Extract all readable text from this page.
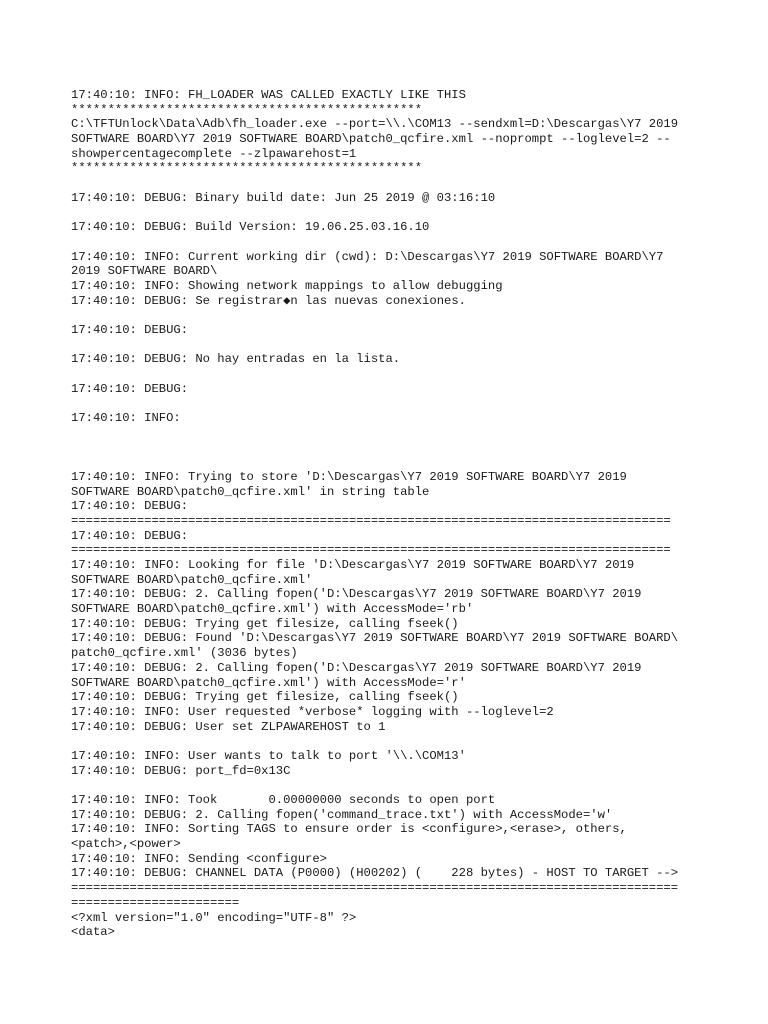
17:40:10: INFO: FH_LOADER WAS CALLED EXACTLY LIKE THIS
************************************************
C:\TFTUnlock\Data\Adb\fh_loader.exe --port=\\.\COM13 --sendxml=D:\Descargas\Y7 2019
SOFTWARE BOARD\Y7 2019 SOFTWARE BOARD\patch0_qcfire.xml --noprompt --loglevel=2 --
showpercentagecomplete --zlpawarehost=1
************************************************
17:40:10: DEBUG: Binary build date: Jun 25 2019 @ 03:16:10
17:40:10: DEBUG: Build Version: 19.06.25.03.16.10
17:40:10: INFO: Current working dir (cwd): D:\Descargas\Y7 2019 SOFTWARE BOARD\Y7
2019 SOFTWARE BOARD\
17:40:10: INFO: Showing network mappings to allow debugging
17:40:10: DEBUG: Se registrar◆n las nuevas conexiones.
17:40:10: DEBUG:
17:40:10: DEBUG: No hay entradas en la lista.
17:40:10: DEBUG:
17:40:10: INFO:
17:40:10: INFO: Trying to store 'D:\Descargas\Y7 2019 SOFTWARE BOARD\Y7 2019
SOFTWARE BOARD\patch0_qcfire.xml' in string table
17:40:10: DEBUG:
==================================================================================
17:40:10: DEBUG:
==================================================================================
17:40:10: INFO: Looking for file 'D:\Descargas\Y7 2019 SOFTWARE BOARD\Y7 2019
SOFTWARE BOARD\patch0_qcfire.xml'
17:40:10: DEBUG: 2. Calling fopen('D:\Descargas\Y7 2019 SOFTWARE BOARD\Y7 2019
SOFTWARE BOARD\patch0_qcfire.xml') with AccessMode='rb'
17:40:10: DEBUG: Trying get filesize, calling fseek()
17:40:10: DEBUG: Found 'D:\Descargas\Y7 2019 SOFTWARE BOARD\Y7 2019 SOFTWARE BOARD\
patch0_qcfire.xml' (3036 bytes)
17:40:10: DEBUG: 2. Calling fopen('D:\Descargas\Y7 2019 SOFTWARE BOARD\Y7 2019
SOFTWARE BOARD\patch0_qcfire.xml') with AccessMode='r'
17:40:10: DEBUG: Trying get filesize, calling fseek()
17:40:10: INFO: User requested *verbose* logging with --loglevel=2
17:40:10: DEBUG: User set ZLPAWAREHOST to 1
17:40:10: INFO: User wants to talk to port '\\.\COM13'
17:40:10: DEBUG: port_fd=0x13C
17:40:10: INFO: Took       0.00000000 seconds to open port
17:40:10: DEBUG: 2. Calling fopen('command_trace.txt') with AccessMode='w'
17:40:10: INFO: Sorting TAGS to ensure order is <configure>,<erase>, others,
<patch>,<power>
17:40:10: INFO: Sending <configure>
17:40:10: DEBUG: CHANNEL DATA (P0000) (H00202) (    228 bytes) - HOST TO TARGET -->
===================================================================================
=======================
<?xml version="1.0" encoding="UTF-8" ?>
<data>
